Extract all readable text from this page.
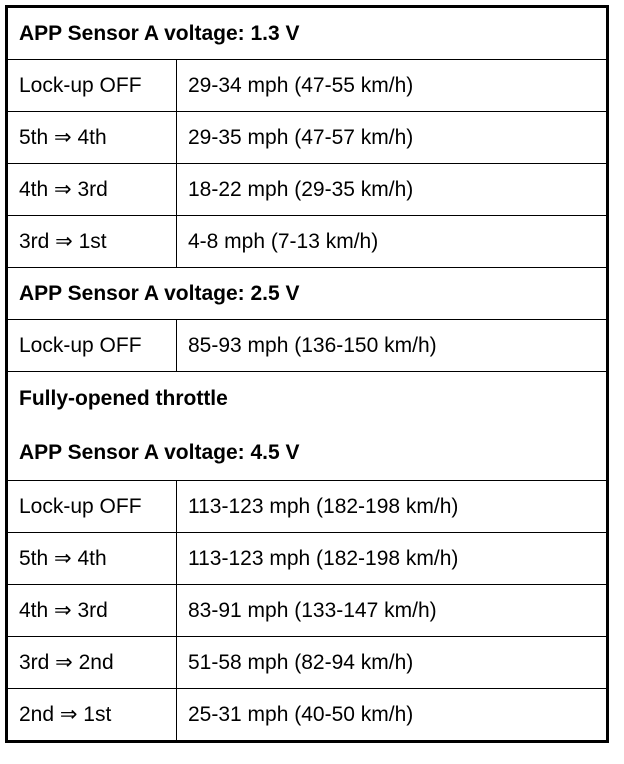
APP Sensor A voltage: 1.3 V	
Lock-up OFF	29-34 mph (47-55 km/h)
5th ⇒ 4th	29-35 mph (47-57 km/h)
4th ⇒ 3rd	18-22 mph (29-35 km/h)
3rd ⇒ 1st	4-8 mph (7-13 km/h)
APP Sensor A voltage: 2.5 V	
Lock-up OFF	85-93 mph (136-150 km/h)

Fully-opened throttle
APP Sensor A voltage: 4.5 V	

Lock-up OFF	113-123 mph (182-198 km/h)
5th ⇒ 4th	113-123 mph (182-198 km/h)
4th ⇒ 3rd	83-91 mph (133-147 km/h)
3rd ⇒ 2nd	51-58 mph (82-94 km/h)
2nd ⇒ 1st	25-31 mph (40-50 km/h)
